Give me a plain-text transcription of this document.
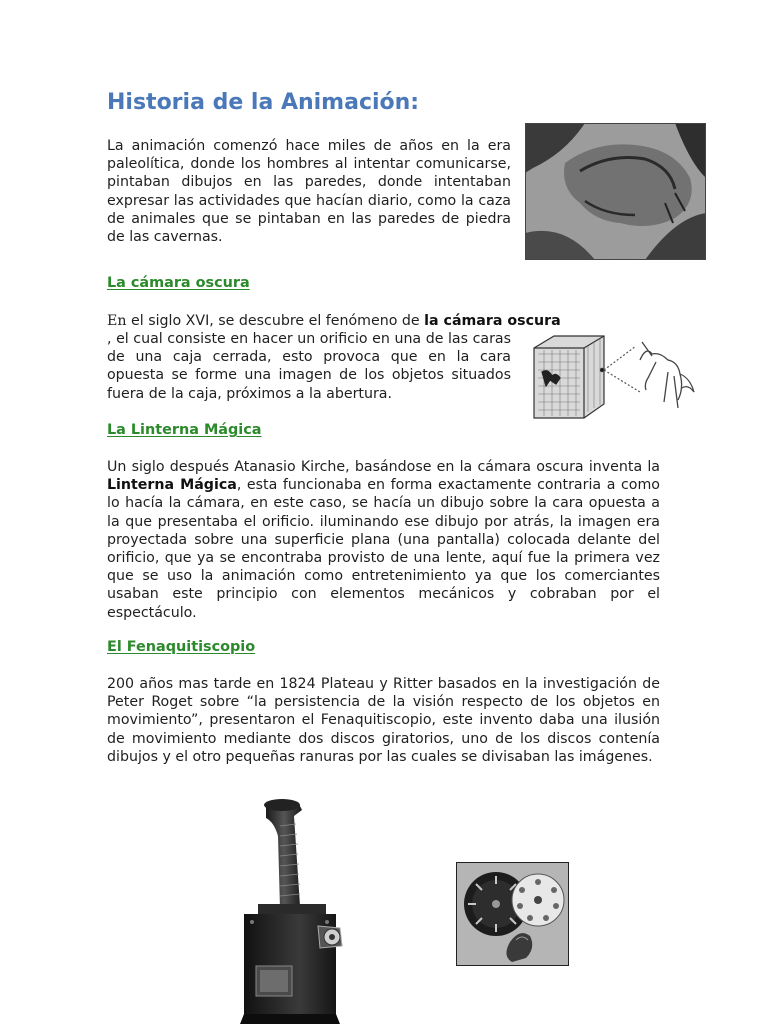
Historia de la Animación:

La animación comenzó hace miles de años en la era paleolítica, donde los hombres al intentar comunicarse, pintaban dibujos en las paredes, donde intentaban expresar las actividades que hacían diario, como la caza de animales que se pintaban en las paredes de piedra de las cavernas.

La cámara oscura

En el siglo XVI, se descubre el fenómeno de la cámara oscura

, el cual consiste en hacer un orificio en una de las caras de una caja cerrada, esto provoca que en la cara opuesta se forme una imagen de los objetos situados fuera de la caja, próximos a la abertura.

La Linterna Mágica

Un siglo después Atanasio Kirche, basándose en la cámara oscura inventa la Linterna Mágica, esta funcionaba en forma exactamente contraria a como lo hacía la cámara, en este caso, se hacía un dibujo sobre la cara opuesta a la que presentaba el orificio. iluminando ese dibujo por atrás, la imagen era proyectada sobre una superficie plana (una pantalla) colocada delante del orificio, que ya se encontraba provisto de una lente, aquí fue la primera vez que se uso la animación como entretenimiento ya que los comerciantes usaban este principio con elementos mecánicos y cobraban por el espectáculo.

El Fenaquitiscopio

200 años mas tarde en 1824 Plateau y Ritter basados en la investigación de Peter Roget sobre “la persistencia de la visión respecto de los objetos en movimiento”, presentaron el Fenaquitiscopio, este invento daba una ilusión de movimiento mediante dos discos giratorios, uno de los discos contenía dibujos y el otro pequeñas ranuras por las cuales se divisaban las imágenes.
